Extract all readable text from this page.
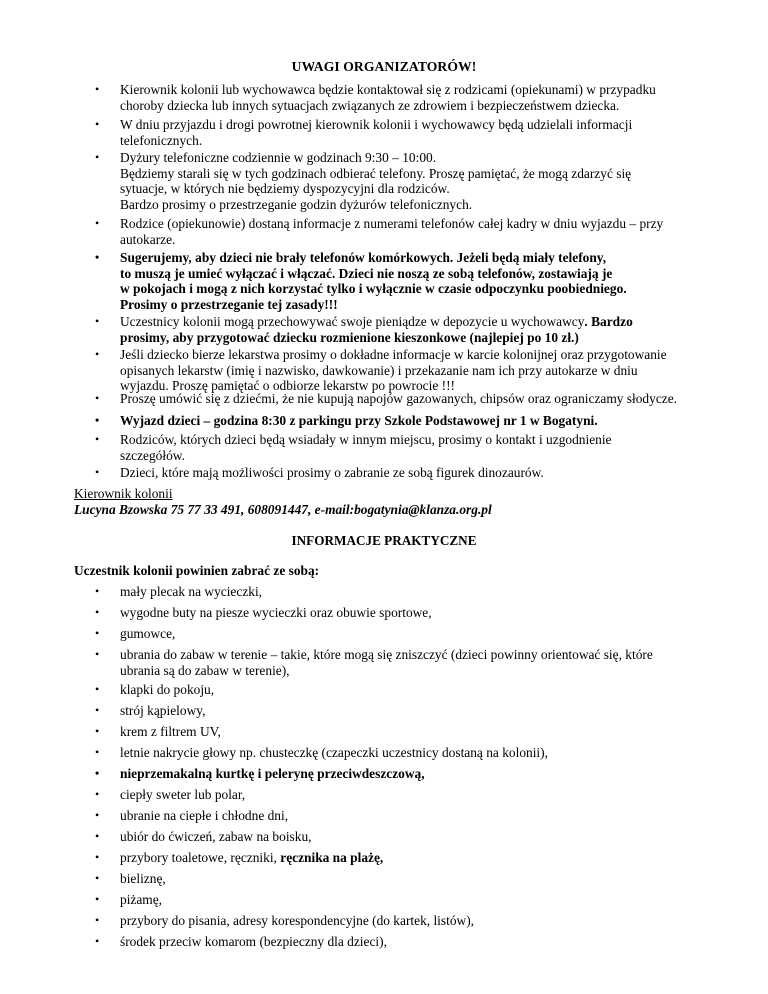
UWAGI ORGANIZATORÓW!
• Kierownik kolonii lub wychowawca będzie kontaktował się z rodzicami (opiekunami) w przypadku
choroby dziecka lub innych sytuacjach związanych ze zdrowiem i bezpieczeństwem dziecka.
• W dniu przyjazdu i drogi powrotnej kierownik kolonii i wychowawcy będą udzielali informacji
telefonicznych.
• Dyżury telefoniczne codziennie w godzinach 9:30 – 10:00.
Będziemy starali się w tych godzinach odbierać telefony. Proszę pamiętać, że mogą zdarzyć się
sytuacje, w których nie będziemy dyspozycyjni dla rodziców.
Bardzo prosimy o przestrzeganie godzin dyżurów telefonicznych.
• Rodzice (opiekunowie) dostaną informacje z numerami telefonów całej kadry w dniu wyjazdu – przy
autokarze.
• Sugerujemy, aby dzieci nie brały telefonów komórkowych. Jeżeli będą miały telefony,
to muszą je umieć wyłączać i włączać. Dzieci nie noszą ze sobą telefonów, zostawiają je
w pokojach i mogą z nich korzystać tylko i wyłącznie w czasie odpoczynku poobiedniego.
Prosimy o przestrzeganie tej zasady!!!
• Uczestnicy kolonii mogą przechowywać swoje pieniądze w depozycie u wychowawcy. Bardzo
prosimy, aby przygotować dziecku rozmienione kieszonkowe (najlepiej po 10 zł.)
• Jeśli dziecko bierze lekarstwa prosimy o dokładne informacje w karcie kolonijnej oraz przygotowanie
opisanych lekarstw (imię i nazwisko, dawkowanie) i przekazanie nam ich przy autokarze w dniu
wyjazdu. Proszę pamiętać o odbiorze lekarstw po powrocie !!!
• Proszę umówić się z dziećmi, że nie kupują napojów gazowanych, chipsów oraz ograniczamy słodycze.
• Wyjazd dzieci – godzina 8:30 z parkingu przy Szkole Podstawowej nr 1 w Bogatyni.
• Rodziców, których dzieci będą wsiadały w innym miejscu, prosimy o kontakt i uzgodnienie
szczegółów.
• Dzieci, które mają możliwości prosimy o zabranie ze sobą figurek dinozaurów.
Kierownik kolonii
Lucyna Bzowska 75 77 33 491, 608091447, e-mail:bogatynia@klanza.org.pl
INFORMACJE PRAKTYCZNE
Uczestnik kolonii powinien zabrać ze sobą:
• mały plecak na wycieczki,
• wygodne buty na piesze wycieczki oraz obuwie sportowe,
• gumowce,
• ubrania do zabaw w terenie – takie, które mogą się zniszczyć (dzieci powinny orientować się, które
ubrania są do zabaw w terenie),
• klapki do pokoju,
• strój kąpielowy,
• krem z filtrem UV,
• letnie nakrycie głowy np. chusteczkę (czapeczki uczestnicy dostaną na kolonii),
• nieprzemakalną kurtkę i pelerynę przeciwdeszczową,
• ciepły sweter lub polar,
• ubranie na ciepłe i chłodne dni,
• ubiór do ćwiczeń, zabaw na boisku,
• przybory toaletowe, ręczniki, ręcznika na plażę,
• bieliznę,
• piżamę,
• przybory do pisania, adresy korespondencyjne (do kartek, listów),
• środek przeciw komarom (bezpieczny dla dzieci),
